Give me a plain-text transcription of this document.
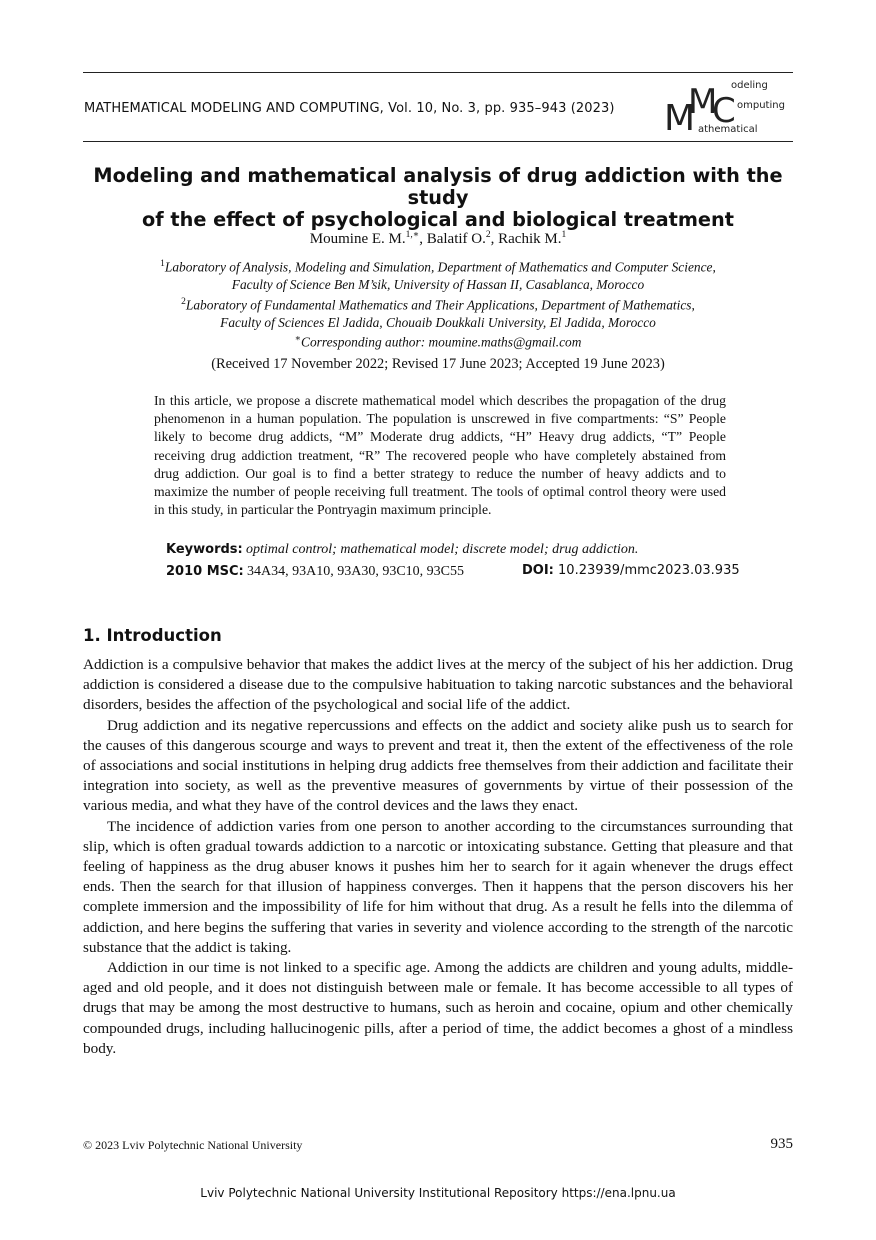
MATHEMATICAL MODELING AND COMPUTING, Vol. 10, No. 3, pp. 935–943 (2023) M
M
C
odeling
omputing
athematical
Modeling and mathematical analysis of drug addiction with the study
of the effect of psychological and biological treatment
Moumine E. M.$^{1,∗}$, Balatif O.$^2$, Rachik M.$^1$
$^1$Laboratory of Analysis, Modeling and Simulation, Department of Mathematics and Computer Science,
Faculty of Science Ben M’sik, University of Hassan II, Casablanca, Morocco
$^2$Laboratory of Fundamental Mathematics and Their Applications, Department of Mathematics,
Faculty of Sciences El Jadida, Chouaib Doukkali University, El Jadida, Morocco
∗Corresponding author: moumine.maths@gmail.com
(Received 17 November 2022; Revised 17 June 2023; Accepted 19 June 2023)

In this article, we propose a discrete mathematical model which describes the propagation of the drug phenomenon in a human population. The population is unscrewed in five compartments: “S” People likely to become drug addicts, “M” Moderate drug addicts, “H” Heavy drug addicts, “T” People receiving drug addiction treatment, “R” The recovered people who have completely abstained from drug addiction. Our goal is to find a better strategy to reduce the number of heavy addicts and to maximize the number of people receiving full treatment. The tools of optimal control theory were used in this study, in particular the Pontryagin maximum principle.

Keywords: optimal control; mathematical model; discrete model; drug addiction.
2010 MSC: 34A34, 93A10, 93A30, 93C10, 93C55	DOI: 10.23939/mmc2023.03.935
1. Introduction

Addiction is a compulsive behavior that makes the addict lives at the mercy of the subject of his her addiction. Drug addiction is considered a disease due to the compulsive habituation to taking narcotic substances and the behavioral disorders, besides the affection of the psychological and social life of the addict.

Drug addiction and its negative repercussions and effects on the addict and society alike push us to search for the causes of this dangerous scourge and ways to prevent and treat it, then the extent of the effectiveness of the role of associations and social institutions in helping drug addicts free themselves from their addiction and facilitate their integration into society, as well as the preventive measures of governments by virtue of their possession of the various media, and what they have of the control devices and the laws they enact.

The incidence of addiction varies from one person to another according to the circumstances surrounding that slip, which is often gradual towards addiction to a narcotic or intoxicating substance. Getting that pleasure and that feeling of happiness as the drug abuser knows it pushes him her to search for it again whenever the drugs effect ends. Then the search for that illusion of happiness converges. Then it happens that the person discovers his her complete immersion and the impossibility of life for him without that drug. As a result he fells into the dilemma of addiction, and here begins the suffering that varies in severity and violence according to the strength of the narcotic substance that the addict is taking.

Addiction in our time is not linked to a specific age. Among the addicts are children and young adults, middle-aged and old people, and it does not distinguish between male or female. It has become accessible to all types of drugs that may be among the most destructive to humans, such as heroin and cocaine, opium and other chemically compounded drugs, including hallucinogenic pills, after a period of time, the addict becomes a ghost of a mindless body.

© 2023 Lviv Polytechnic National University	935
Lviv Polytechnic National University Institutional Repository https://ena.lpnu.ua
